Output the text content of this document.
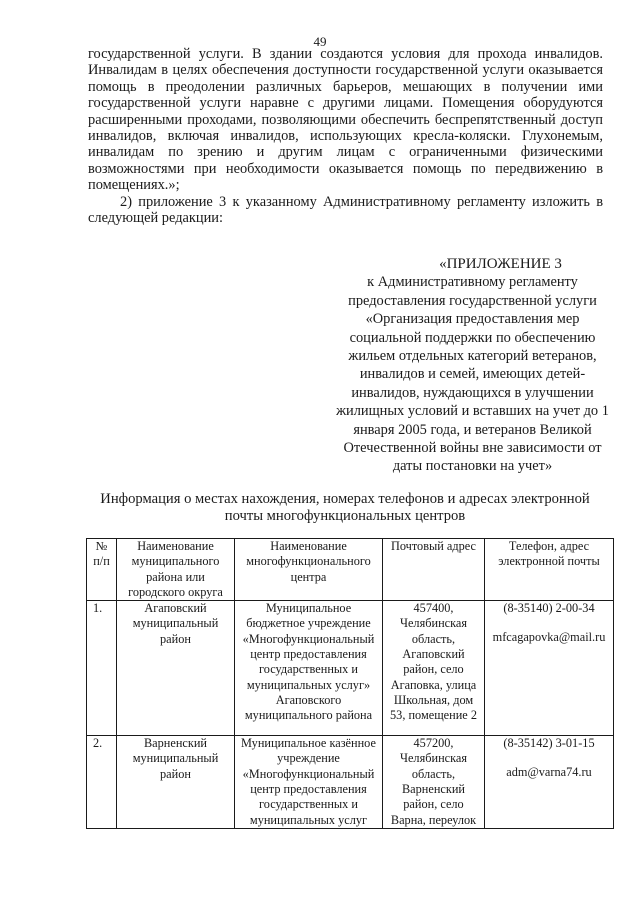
49

государственной услуги. В здании создаются условия для прохода инвалидов. Инвалидам в целях обеспечения доступности государственной услуги оказывается помощь в преодолении различных барьеров, мешающих в получении ими государственной услуги наравне с другими лицами. Помещения оборудуются расширенными проходами, позволяющими обеспечить беспрепятственный доступ инвалидов, включая инвалидов, использующих кресла-коляски. Глухонемым, инвалидам по зрению и другим лицам с ограниченными физическими возможностями при необходимости оказывается помощь по передвижению в помещениях.»;

2) приложение 3 к указанному Административному регламенту изложить в следующей редакции:

«ПРИЛОЖЕНИЕ 3

к Административному регламенту предоставления государственной услуги «Организация предоставления мер социальной поддержки по обеспечению жильем отдельных категорий ветеранов, инвалидов и семей, имеющих детей-инвалидов, нуждающихся в улучшении жилищных условий и вставших на учет до 1 января 2005 года, и ветеранов Великой Отечественной войны вне зависимости от даты постановки на учет»

Информация о местах нахождения, номерах телефонов и адресах электронной почты многофункциональных центров
№ п/п	Наименование муниципального района или городского округа	Наименование многофункционального центра	Почтовый адрес	Телефон, адрес электронной почты
1.	Агаповский муниципальный район	Муниципальное бюджетное учреждение «Многофункциональный центр предоставления государственных и муниципальных услуг» Агаповского муниципального района	457400, Челябинская область, Агаповский район, село Агаповка, улица Школьная, дом 53, помещение 2	(8-35140) 2-00-34
mfcagapovka@mail.ru

2.	Варненский муниципальный район	Муниципальное казённое учреждение «Многофункциональный центр предоставления государственных и муниципальных услуг	457200, Челябинская область, Варненский район, село Варна, переулок	(8-35142) 3-01-15
adm@varna74.ru
